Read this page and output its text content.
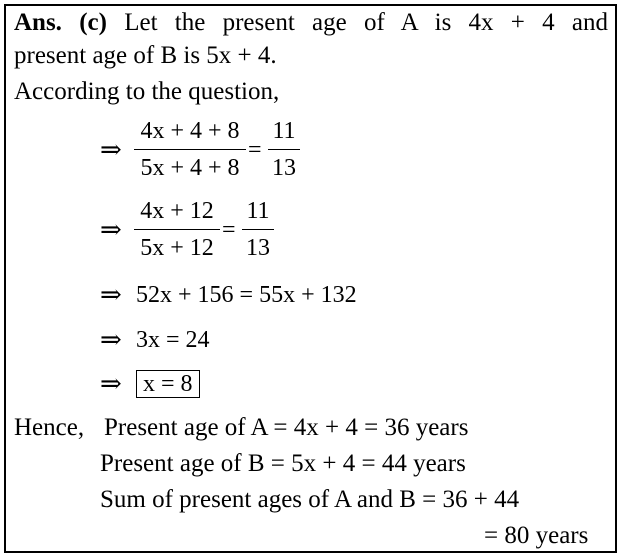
Ans. (c) Let the present age of A is 4x + 4 and
present age of B is 5x + 4.
According to the question,
⇒
4x + 4 + 8
5x + 4 + 8
=
11
13
⇒
4x + 12
5x + 12
=
11
13
⇒ 52x + 156 = 55x + 132
⇒ 3x = 24
⇒ x = 8
Hence, Present age of A = 4x + 4 = 36 years
Present age of B = 5x + 4 = 44 years
Sum of present ages of A and B = 36 + 44
= 80 years
